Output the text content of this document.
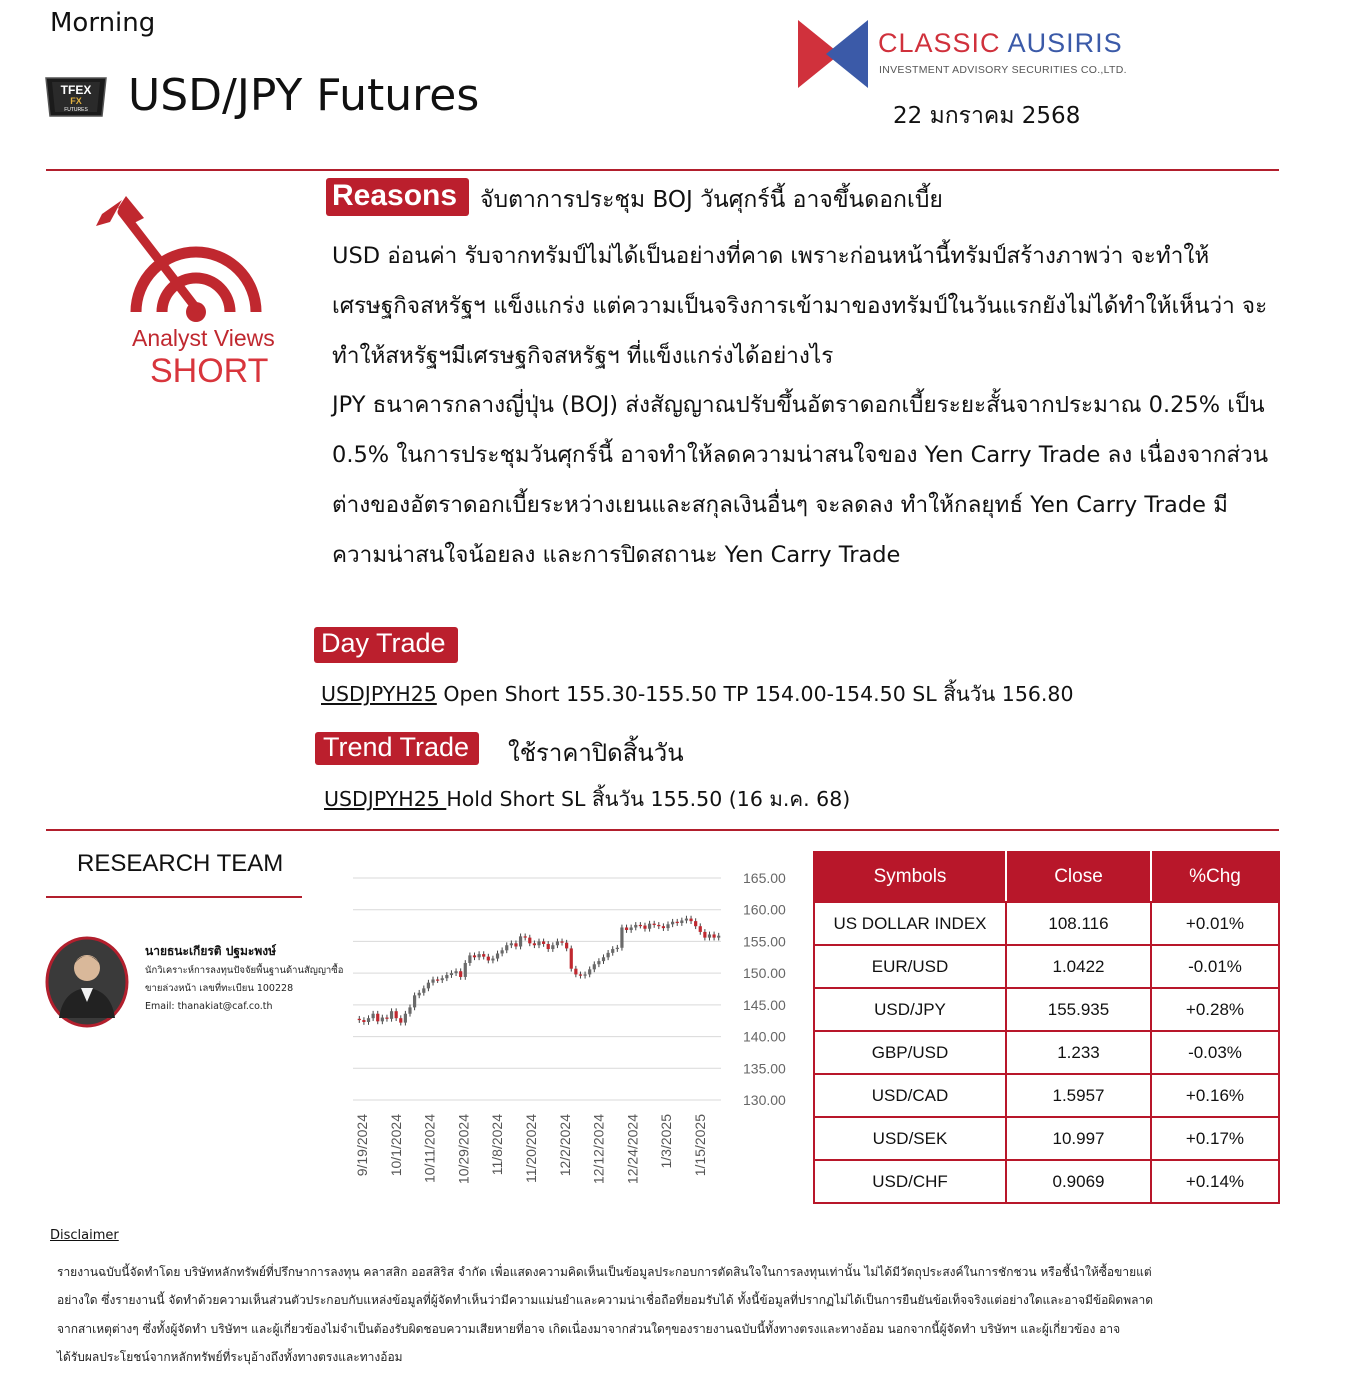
Morning
TFEX
FX
FUTURES USD/JPY Futures
CLASSIC AUSIRIS
INVESTMENT ADVISORY SECURITIES CO.,LTD.
22 มกราคม 2568
Analyst Views
SHORT
Reasons จับตาการประชุม BOJ วันศุกร์นี้ อาจขึ้นดอกเบี้ย

USD อ่อนค่า รับจากทรัมป์ไม่ได้เป็นอย่างที่คาด เพราะก่อนหน้านี้ทรัมป์สร้างภาพว่า จะทำให้เศรษฐกิจสหรัฐฯ แข็งแกร่ง แต่ความเป็นจริงการเข้ามาของทรัมป์ในวันแรกยังไม่ได้ทำให้เห็นว่า จะทำให้สหรัฐฯมีเศรษฐกิจสหรัฐฯ ที่แข็งแกร่งได้อย่างไร

JPY ธนาคารกลางญี่ปุ่น (BOJ) ส่งสัญญาณปรับขึ้นอัตราดอกเบี้ยระยะสั้นจากประมาณ 0.25% เป็น 0.5% ในการประชุมวันศุกร์นี้ อาจทำให้ลดความน่าสนใจของ Yen Carry Trade ลง เนื่องจากส่วนต่างของอัตราดอกเบี้ยระหว่างเยนและสกุลเงินอื่นๆ จะลดลง ทำให้กลยุทธ์ Yen Carry Trade มีความน่าสนใจน้อยลง และการปิดสถานะ Yen Carry Trade

Day Trade
USDJPYH25 Open Short 155.30-155.50 TP 154.00-154.50 SL สิ้นวัน 156.80
Trend Trade	ใช้ราคาปิดสิ้นวัน
USDJPYH25 Hold Short SL สิ้นวัน 155.50 (16 ม.ค. 68)
RESEARCH TEAM
นายธนะเกียรติ ปฐมะพงษ์
นักวิเคราะห์การลงทุนปัจจัยพื้นฐานด้านสัญญาซื้อ
ขายล่วงหน้า เลขที่ทะเบียน 100228
Email: thanakiat@caf.co.th
165.00
160.00
155.00
150.00
145.00
140.00
135.00
130.00
9/19/2024 10/1/2024 10/11/2024 10/29/2024 11/8/2024 11/20/2024 12/2/2024 12/12/2024 12/24/2024 1/3/2025 1/15/2025
Symbols	Close	%Chg
US DOLLAR INDEX	108.116	+0.01%
EUR/USD	1.0422	-0.01%
USD/JPY	155.935	+0.28%
GBP/USD	1.233	-0.03%
USD/CAD	1.5957	+0.16%
USD/SEK	10.997	+0.17%
USD/CHF	0.9069	+0.14%
Disclaimer
รายงานฉบับนี้จัดทำโดย บริษัทหลักทรัพย์ที่ปรึกษาการลงทุน คลาสสิก ออสสิริส จำกัด เพื่อแสดงความคิดเห็นเป็นข้อมูลประกอบการตัดสินใจในการลงทุนเท่านั้น ไม่ได้มีวัตถุประสงค์ในการชักชวน หรือชี้นำให้ซื้อขายแต่
อย่างใด ซึ่งรายงานนี้ จัดทำด้วยความเห็นส่วนตัวประกอบกับแหล่งข้อมูลที่ผู้จัดทำเห็นว่ามีความแม่นยำและความน่าเชื่อถือที่ยอมรับได้ ทั้งนี้ข้อมูลที่ปรากฏไม่ได้เป็นการยืนยันข้อเท็จจริงแต่อย่างใดและอาจมีข้อผิดพลาด
จากสาเหตุต่างๆ ซึ่งทั้งผู้จัดทำ บริษัทฯ และผู้เกี่ยวข้องไม่จำเป็นต้องรับผิดชอบความเสียหายที่อาจ เกิดเนื่องมาจากส่วนใดๆของรายงานฉบับนี้ทั้งทางตรงและทางอ้อม นอกจากนี้ผู้จัดทำ บริษัทฯ และผู้เกี่ยวข้อง อาจ
ได้รับผลประโยชน์จากหลักทรัพย์ที่ระบุอ้างถึงทั้งทางตรงและทางอ้อม
